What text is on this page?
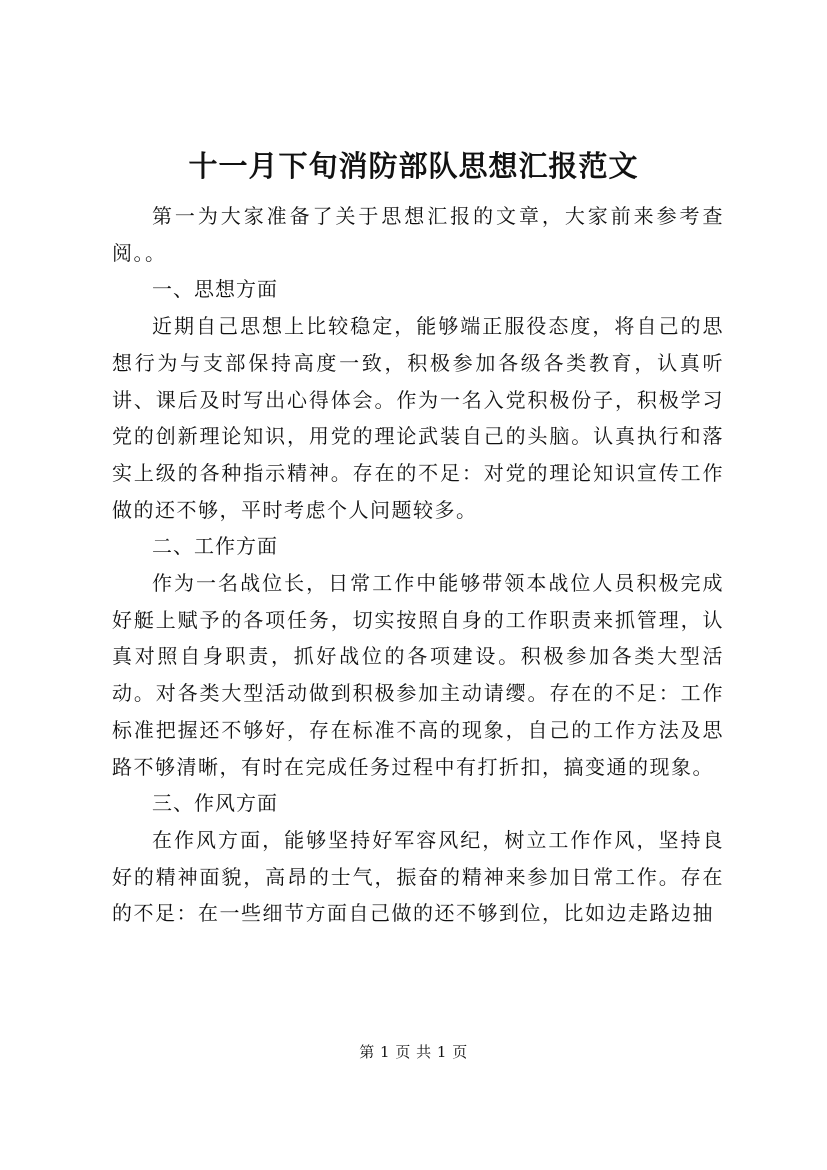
十一月下旬消防部队思想汇报范文

第一为大家准备了关于思想汇报的文章，大家前来参考查阅。。

一、思想方面

近期自己思想上比较稳定，能够端正服役态度，将自己的思想行为与支部保持高度一致，积极参加各级各类教育，认真听讲、课后及时写出心得体会。作为一名入党积极份子，积极学习党的创新理论知识，用党的理论武装自己的头脑。认真执行和落实上级的各种指示精神。存在的不足：对党的理论知识宣传工作做的还不够，平时考虑个人问题较多。

二、工作方面

作为一名战位长，日常工作中能够带领本战位人员积极完成好艇上赋予的各项任务，切实按照自身的工作职责来抓管理，认真对照自身职责，抓好战位的各项建设。积极参加各类大型活动。对各类大型活动做到积极参加主动请缨。存在的不足：工作标准把握还不够好，存在标准不高的现象，自己的工作方法及思路不够清晰，有时在完成任务过程中有打折扣，搞变通的现象。

三、作风方面

在作风方面，能够坚持好军容风纪，树立工作作风，坚持良好的精神面貌，高昂的士气，振奋的精神来参加日常工作。存在的不足：在一些细节方面自己做的还不够到位，比如边走路边抽

第 1 页 共 1 页
